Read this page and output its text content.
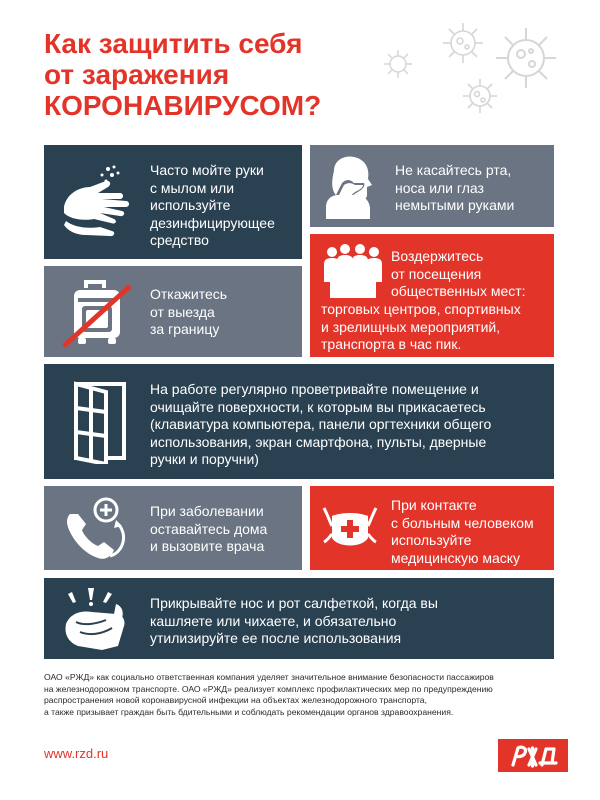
Как защитить себя
от заражения
КОРОНАВИРУСОМ?

Часто мойте руки
с мылом или
используйте
дезинфицирующее
средство

Не касайтесь рта,
носа или глаз
немытыми руками

Воздержитесь
от посещения
общественных мест:

торговых центров, спортивных
и зрелищных мероприятий,
транспорта в час пик.

Откажитесь
от выезда
за границу

На работе регулярно проветривайте помещение и
очищайте поверхности, к которым вы прикасаетесь
(клавиатура компьютера, панели оргтехники общего
использования, экран смартфона, пульты, дверные
ручки и поручни)

При заболевании
оставайтесь дома
и вызовите врача

При контакте
с больным человеком
используйте
медицинскую маску

Прикрывайте нос и рот салфеткой, когда вы
кашляете или чихаете, и обязательно
утилизируйте ее после использования

ОАО «РЖД» как социально ответственная компания уделяет значительное внимание безопасности пассажиров
на железнодорожном транспорте. ОАО «РЖД» реализует комплекс профилактических мер по предупреждению
распространения новой коронавирусной инфекции на объектах железнодорожного транспорта,
а также призывает граждан быть бдительными и соблюдать рекомендации органов здравоохранения.

www.rzd.ru
